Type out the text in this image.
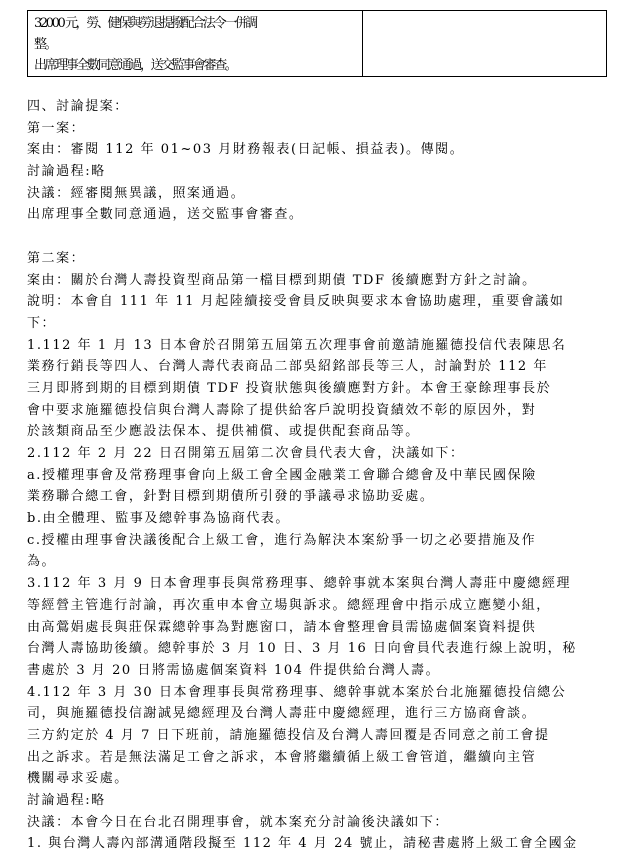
32000 元，勞、健保與勞退提撥配合法令一併調
整。
出席理事全數同意通過，送交監事會審查。

四、討論提案：
第一案：
案由：審閱 112 年 01~03 月財務報表(日記帳、損益表)。傳閱。
討論過程:略
決議：經審閱無異議，照案通過。
出席理事全數同意通過，送交監事會審查。
第二案：
案由：關於台灣人壽投資型商品第一檔目標到期債 TDF 後續應對方針之討論。
說明：本會自 111 年 11 月起陸續接受會員反映與要求本會協助處理，重要會議如
下：
1.112 年 1 月 13 日本會於召開第五屆第五次理事會前邀請施羅德投信代表陳思名
業務行銷長等四人、台灣人壽代表商品二部吳紹銘部長等三人，討論對於 112 年
三月即將到期的目標到期債 TDF 投資狀態與後續應對方針。本會王豪餘理事長於
會中要求施羅德投信與台灣人壽除了提供給客戶說明投資績效不彰的原因外，對
於該類商品至少應設法保本、提供補償、或提供配套商品等。
2.112 年 2 月 22 日召開第五屆第二次會員代表大會，決議如下：
a.授權理事會及常務理事會向上級工會全國金融業工會聯合總會及中華民國保險
業務聯合總工會，針對目標到期債所引發的爭議尋求協助妥處。
b.由全體理、監事及總幹事為協商代表。
c.授權由理事會決議後配合上級工會，進行為解決本案紛爭一切之必要措施及作
為。
3.112 年 3 月 9 日本會理事長與常務理事、總幹事就本案與台灣人壽莊中慶總經理
等經營主管進行討論，再次重申本會立場與訴求。總經理會中指示成立應變小組，
由高鶯娟處長與莊保霖總幹事為對應窗口，請本會整理會員需協處個案資料提供
台灣人壽協助後續。總幹事於 3 月 10 日、3 月 16 日向會員代表進行線上說明，秘
書處於 3 月 20 日將需協處個案資料 104 件提供給台灣人壽。
4.112 年 3 月 30 日本會理事長與常務理事、總幹事就本案於台北施羅德投信總公
司，與施羅德投信謝誠晃總經理及台灣人壽莊中慶總經理，進行三方協商會談。
三方約定於 4 月 7 日下班前，請施羅德投信及台灣人壽回覆是否同意之前工會提
出之訴求。若是無法滿足工會之訴求，本會將繼續循上級工會管道，繼續向主管
機關尋求妥處。
討論過程:略
決議：本會今日在台北召開理事會，就本案充分討論後決議如下：
1. 與台灣人壽內部溝通階段擬至 112 年 4 月 24 號止，請秘書處將上級工會全國金
